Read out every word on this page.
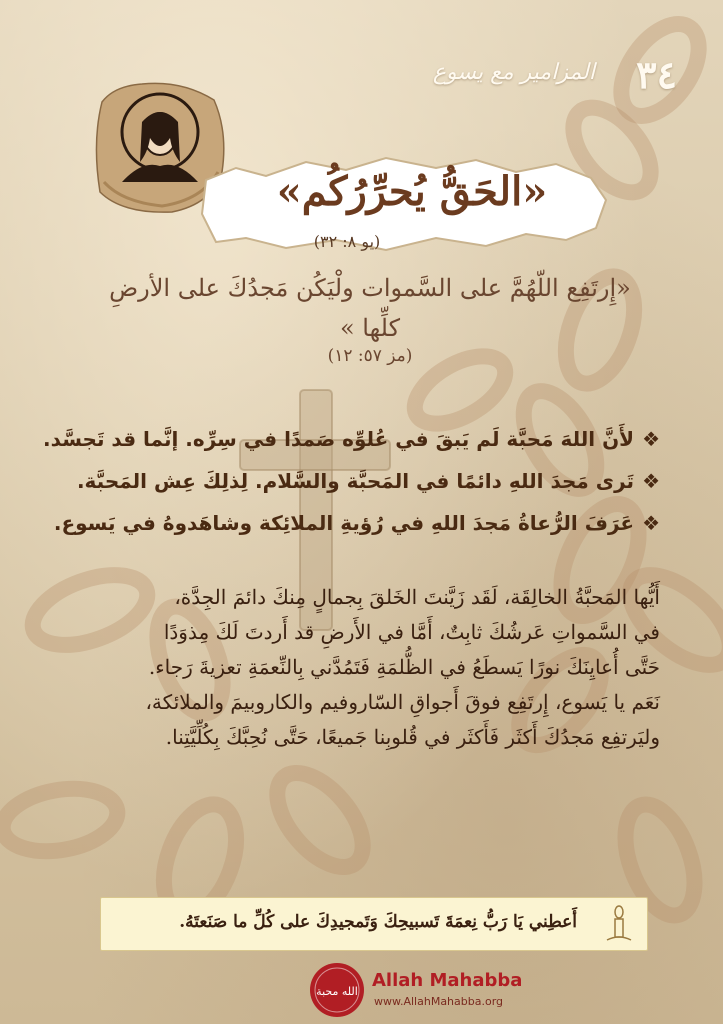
٣٤
المزامير مع يسوع
«الحَقُّ يُحرِّرُكُم»
(يو ٨: ٣٢)
«إِرتَفِع اللّهُمَّ على السَّموات ولْيَكُن مَجدُكَ على الأرضِ كلِّها »
(مز ٥٧: ١٢)
❖لأَنَّ اللهَ مَحبَّة لَم يَبقَ في عُلوِّه صَمدًا في سِرِّه. إنَّما قد تَجسَّد.
❖تَرى مَجدَ اللهِ دائمًا في المَحبَّة والسَّلام. لِذلِكَ عِش المَحبَّة.
❖عَرَفَ الرُّعاةُ مَجدَ اللهِ في رُؤيةِ الملائِكة وشاهَدوهُ في يَسوع.
أَيُّها المَحبَّةُ الخالِقَة، لَقَد زَيَّنتَ الخَلقَ بِجمالٍ مِنكَ دائمَ الجِدَّة،
في السَّمواتِ عَرشُكَ ثابِتٌ، أَمَّا في الأَرضِ قد أَردتَ لَكَ مِذوَدًا
حَتَّى أُعايِنَكَ نورًا يَسطَعُ في الظُّلمَةِ فَتَمُدَّني بِالنِّعمَةِ تعزيةَ رَجاء.
نَعَم يا يَسوع، إِرتَفِع فوقَ أَجواقِ السّاروفيم والكاروبيمَ والملائكة،
وليَرتفِع مَجدُكَ أَكثَر فَأَكثَر في قُلوبِنا جَميعًا، حَتَّى نُحِبَّكَ بِكُلِّيَّتِنا.
أَعطِني يَا رَبُّ نِعمَةَ تَسبيحِكَ وَتَمجيدِكَ على كُلِّ ما صَنَعتَهُ.
الله محبة
Allah Mahabba
www.AllahMahabba.org
